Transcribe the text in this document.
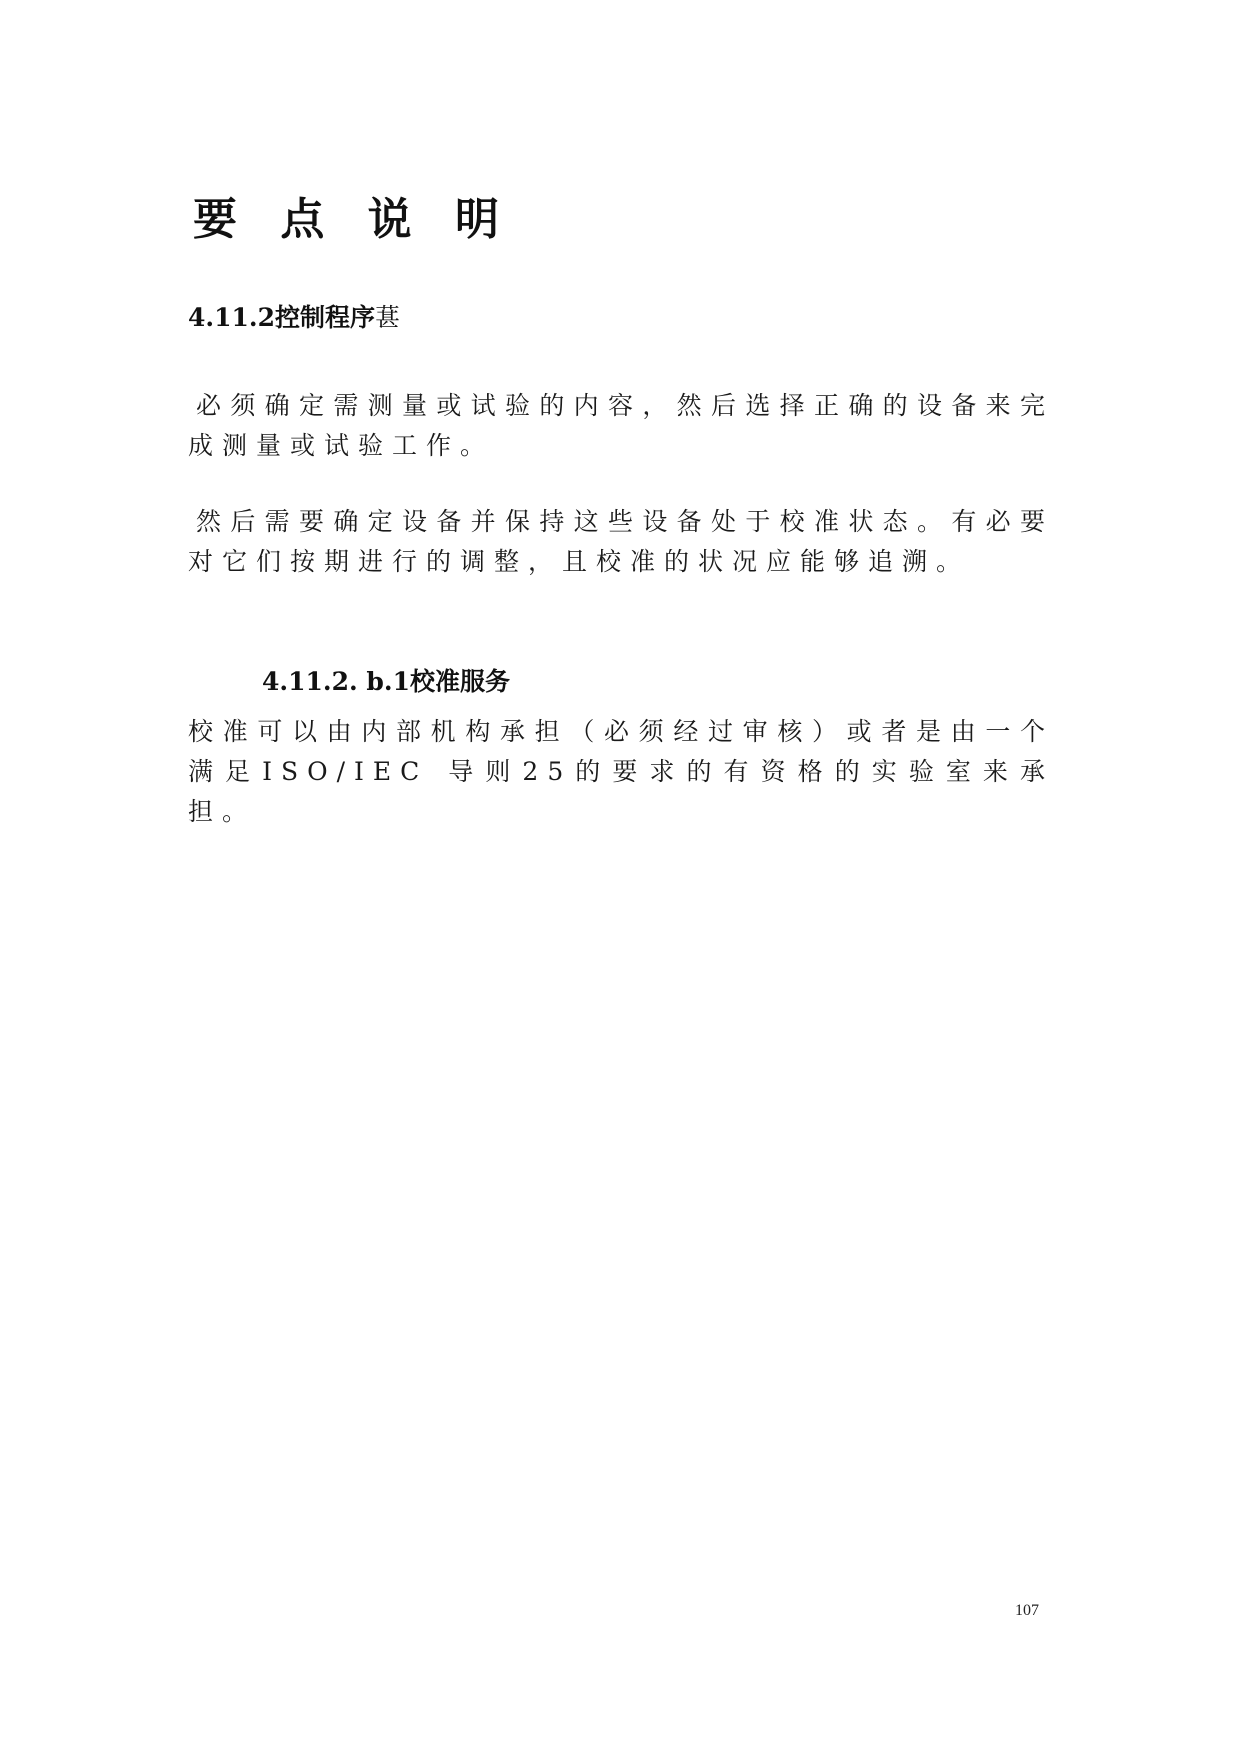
要 点 说 明
4.11.2控制程序葚

必须确定需测量或试验的内容，然后选择正确的设备来完成测量或试验工作。

然后需要确定设备并保持这些设备处于校准状态。有必要对它们按期进行的调整，且校准的状况应能够追溯。

4.11.2. b.1校准服务

校准可以由内部机构承担（必须经过审核）或者是由一个满足ISO/IEC 导则25的要求的有资格的实验室来承担。

107
